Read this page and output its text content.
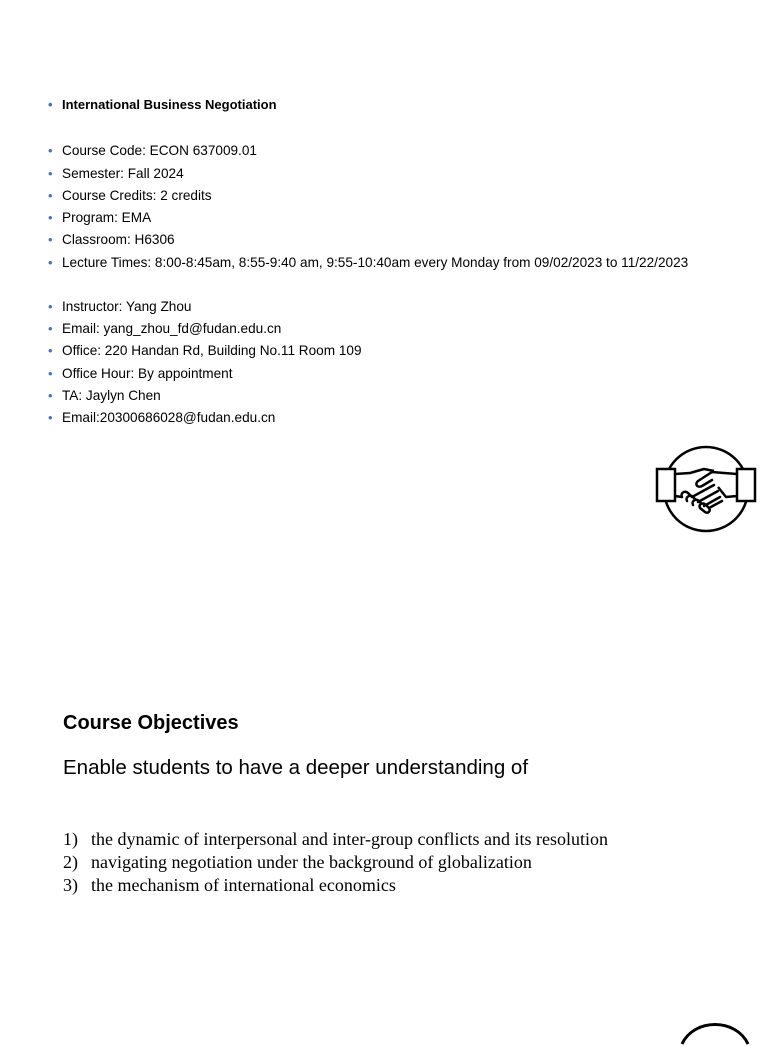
• International Business Negotiation
• Course Code: ECON 637009.01
• Semester: Fall 2024
• Course Credits: 2 credits
• Program: EMA
• Classroom: H6306
• Lecture Times: 8:00-8:45am, 8:55-9:40 am, 9:55-10:40am every Monday from 09/02/2023 to 11/22/2023
• Instructor: Yang Zhou
• Email: yang_zhou_fd@fudan.edu.cn
• Office: 220 Handan Rd, Building No.11 Room 109
• Office Hour: By appointment
• TA: Jaylyn Chen
• Email:20300686028@fudan.edu.cn
Course Objectives

Enable students to have a deeper understanding of

1) the dynamic of interpersonal and inter-group conflicts and its resolution
2) navigating negotiation under the background of globalization
3) the mechanism of international economics
